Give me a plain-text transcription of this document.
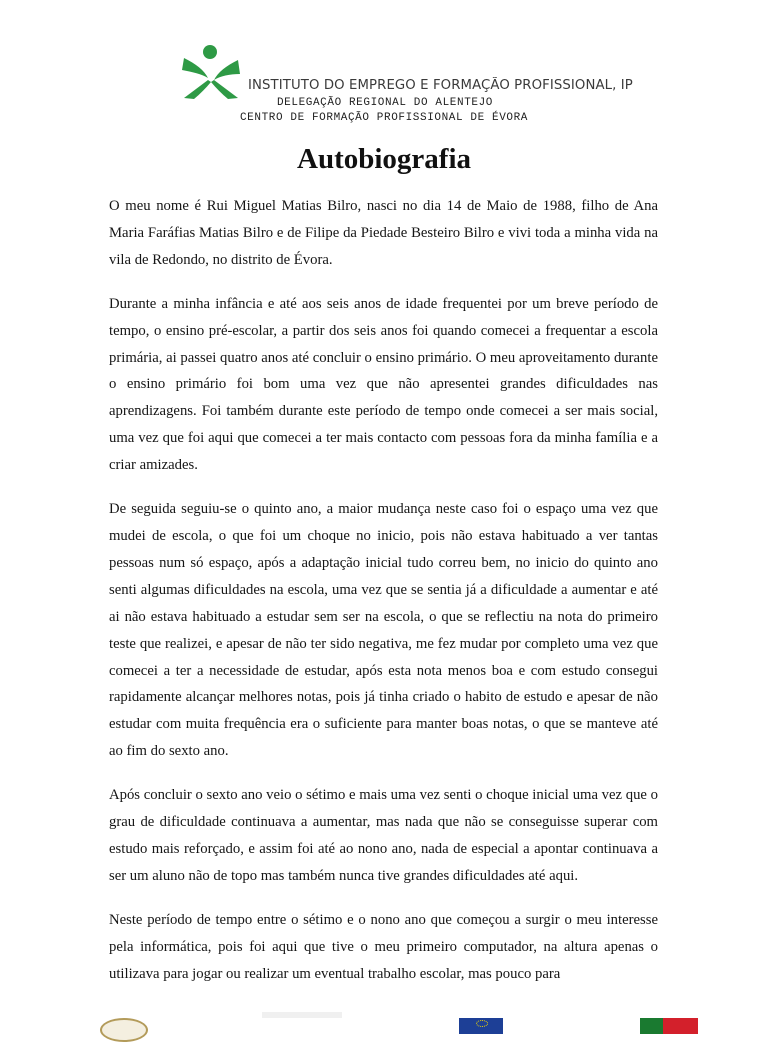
INSTITUTO DO EMPREGO E FORMAÇÃO PROFISSIONAL, IP
DELEGAÇÃO REGIONAL DO ALENTEJO
CENTRO DE FORMAÇÃO PROFISSIONAL DE ÉVORA
Autobiografia

O meu nome é Rui Miguel Matias Bilro, nasci no dia 14 de Maio de 1988, filho de Ana Maria Faráfias Matias Bilro e de Filipe da Piedade Besteiro Bilro e vivi toda a minha vida na vila de Redondo, no distrito de Évora.

Durante a minha infância e até aos seis anos de idade frequentei por um breve período de tempo, o ensino pré-escolar, a partir dos seis anos foi quando comecei a frequentar a escola primária, ai passei quatro anos até concluir o ensino primário. O meu aproveitamento durante o ensino primário foi bom uma vez que não apresentei grandes dificuldades nas aprendizagens. Foi também durante este período de tempo onde comecei a ser mais social, uma vez que foi aqui que comecei a ter mais contacto com pessoas fora da minha família e a criar amizades.

De seguida seguiu-se o quinto ano, a maior mudança neste caso foi o espaço uma vez que mudei de escola, o que foi um choque no inicio, pois não estava habituado a ver tantas pessoas num só espaço, após a adaptação inicial tudo correu bem, no inicio do quinto ano senti algumas dificuldades na escola, uma vez que se sentia já a dificuldade a aumentar e até ai não estava habituado a estudar sem ser na escola, o que se reflectiu na nota do primeiro teste que realizei, e apesar de não ter sido negativa, me fez mudar por completo uma vez que comecei a ter a necessidade de estudar, após esta nota menos boa e com estudo consegui rapidamente alcançar melhores notas, pois já tinha criado o habito de estudo e apesar de não estudar com muita frequência era o suficiente para manter boas notas, o que se manteve até ao fim do sexto ano.

Após concluir o sexto ano veio o sétimo e mais uma vez senti o choque inicial uma vez que o grau de dificuldade continuava a aumentar, mas nada que não se conseguisse superar com estudo mais reforçado, e assim foi até ao nono ano, nada de especial a apontar continuava a ser um aluno não de topo mas também nunca tive grandes dificuldades até aqui.

Neste período de tempo entre o sétimo e o nono ano que começou a surgir o meu interesse pela informática, pois foi aqui que tive o meu primeiro computador, na altura apenas o utilizava para jogar ou realizar um eventual trabalho escolar, mas pouco para
